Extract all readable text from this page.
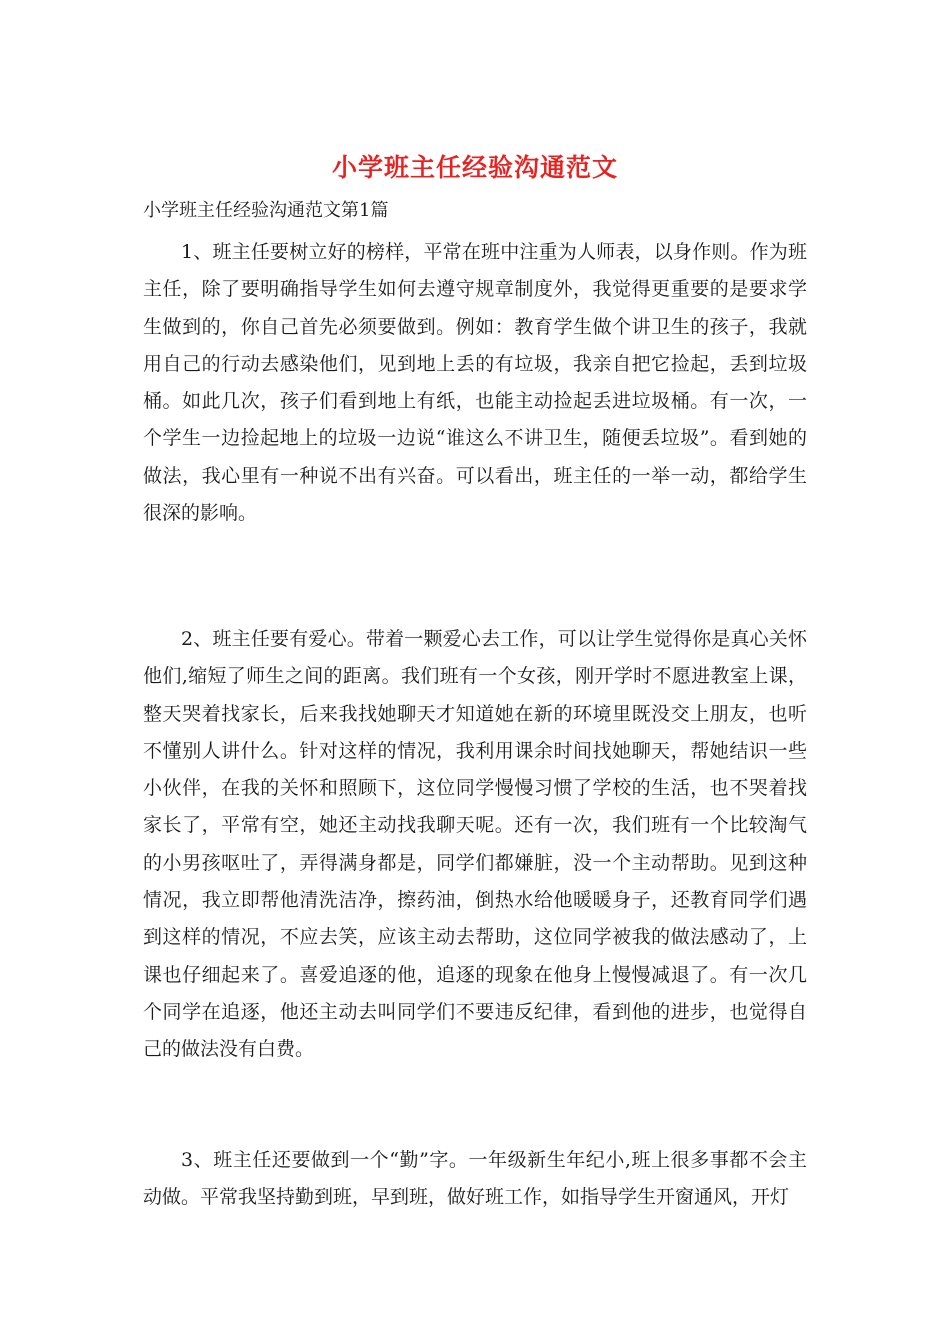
小学班主任经验沟通范文
小学班主任经验沟通范文第1篇

1、班主任要树立好的榜样，平常在班中注重为人师表，以身作则。作为班主任，除了要明确指导学生如何去遵守规章制度外，我觉得更重要的是要求学生做到的，你自己首先必须要做到。例如：教育学生做个讲卫生的孩子，我就用自己的行动去感染他们，见到地上丢的有垃圾，我亲自把它捡起，丢到垃圾桶。如此几次，孩子们看到地上有纸，也能主动捡起丢进垃圾桶。有一次，一个学生一边捡起地上的垃圾一边说“谁这么不讲卫生，随便丢垃圾”。看到她的做法，我心里有一种说不出有兴奋。可以看出，班主任的一举一动，都给学生很深的影响。

2、班主任要有爱心。带着一颗爱心去工作，可以让学生觉得你是真心关怀他们,缩短了师生之间的距离。我们班有一个女孩，刚开学时不愿进教室上课，整天哭着找家长，后来我找她聊天才知道她在新的环境里既没交上朋友，也听不懂别人讲什么。针对这样的情况，我利用课余时间找她聊天，帮她结识一些小伙伴，在我的关怀和照顾下，这位同学慢慢习惯了学校的生活，也不哭着找家长了，平常有空，她还主动找我聊天呢。还有一次，我们班有一个比较淘气的小男孩呕吐了，弄得满身都是，同学们都嫌脏，没一个主动帮助。见到这种情况，我立即帮他清洗洁净，擦药油，倒热水给他暖暖身子，还教育同学们遇到这样的情况，不应去笑，应该主动去帮助，这位同学被我的做法感动了，上课也仔细起来了。喜爱追逐的他，追逐的现象在他身上慢慢减退了。有一次几个同学在追逐，他还主动去叫同学们不要违反纪律，看到他的进步，也觉得自己的做法没有白费。

3、班主任还要做到一个“勤”字。一年级新生年纪小,班上很多事都不会主动做。平常我坚持勤到班，早到班，做好班工作，如指导学生开窗通风，开灯
